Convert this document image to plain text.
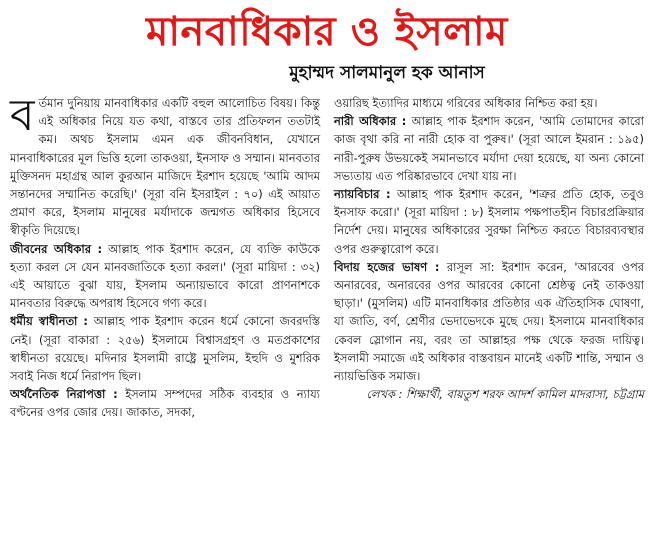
মানবাধিকার ও ইসলাম
মুহাম্মদ সালমানুল হক আনাস

বর্তমান দুনিয়ায় মানবাধিকার একটি বহুল আলোচিত বিষয়। কিন্তু এই অধিকার নিয়ে যত কথা, বাস্তবে তার প্রতিফলন ততটাই কম। অথচ ইসলাম এমন এক জীবনবিধান, যেখানে মানবাধিকারের মূল ভিত্তি হলো তাকওয়া, ইনসাফ ও সম্মান। মানবতার মুক্তিসনদ মহাগ্রন্থ আল কুরআন মাজিদে ইরশাদ হয়েছে 'আমি আদম সন্তানদের সম্মানিত করেছি।' (সূরা বনি ইসরাইল : ৭০) এই আয়াত প্রমাণ করে, ইসলাম মানুষের মর্যাদাকে জন্মগত অধিকার হিসেবে স্বীকৃতি দিয়েছে।

জীবনের অধিকার : আল্লাহ পাক ইরশাদ করেন, যে ব্যক্তি কাউকে হত্যা করল সে যেন মানবজাতিকে হত্যা করল।' (সূরা মায়িদা : ৩২) এই আয়াতে বুঝা যায়, ইসলাম অন্যায়ভাবে কারো প্রাণনাশকে মানবতার বিরুদ্ধে অপরাধ হিসেবে গণ্য করে।

ধর্মীয় স্বাধীনতা : আল্লাহ পাক ইরশাদ করেন ধর্মে কোনো জবরদস্তি নেই। (সূরা বাকারা : ২৫৬) ইসলামে বিশ্বাসগ্রহণ ও মতপ্রকাশের স্বাধীনতা রয়েছে। মদিনার ইসলামী রাষ্ট্রে মুসলিম, ইহুদি ও মুশরিক সবাই নিজ ধর্মে নিরাপদ ছিল।

অর্থনৈতিক নিরাপত্তা : ইসলাম সম্পদের সঠিক ব্যবহার ও ন্যায্য বণ্টনের ওপর জোর দেয়। জাকাত, সদকা,

ওয়ারিছ ইত্যাদির মাধ্যমে গরিবের অধিকার নিশ্চিত করা হয়।

নারী অধিকার : আল্লাহ পাক ইরশাদ করেন, 'আমি তোমাদের কারো কাজ বৃথা করি না নারী হোক বা পুরুষ।' (সূরা আলে ইমরান : ১৯৫) নারী-পুরুষ উভয়কেই সমানভাবে মর্যাদা দেয়া হয়েছে, যা অন্য কোনো সভ্যতায় এত পরিষ্কারভাবে দেখা যায় না।

ন্যায়বিচার : আল্লাহ পাক ইরশাদ করেন, 'শত্রুর প্রতি হোক, তবুও ইনসাফ করো।' (সূরা মায়িদা : ৮) ইসলাম পক্ষপাতহীন বিচারপ্রক্রিয়ার নির্দেশ দেয়। মানুষের অধিকারের সুরক্ষা নিশ্চিত করতে বিচারব্যবস্থার ওপর গুরুত্বারোপ করে।

বিদায় হজের ভাষণ : রাসূল সা: ইরশাদ করেন, 'আরবের ওপর অনারবের, অনারবের ওপর আরবের কোনো শ্রেষ্ঠত্ব নেই তাকওয়া ছাড়া।' (মুসলিম) এটি মানবাধিকার প্রতিষ্ঠার এক ঐতিহাসিক ঘোষণা, যা জাতি, বর্ণ, শ্রেণীর ভেদাভেদকে মুছে দেয়। ইসলামে মানবাধিকার কেবল স্লোগান নয়, বরং তা আল্লাহর পক্ষ থেকে ফরজ দায়িত্ব। ইসলামী সমাজে এই অধিকার বাস্তবায়ন মানেই একটি শান্তি, সম্মান ও ন্যায়ভিত্তিক সমাজ।

লেখক : শিক্ষার্থী, বায়তুশ শরফ আদর্শ কামিল মাদরাসা, চট্টগ্রাম
